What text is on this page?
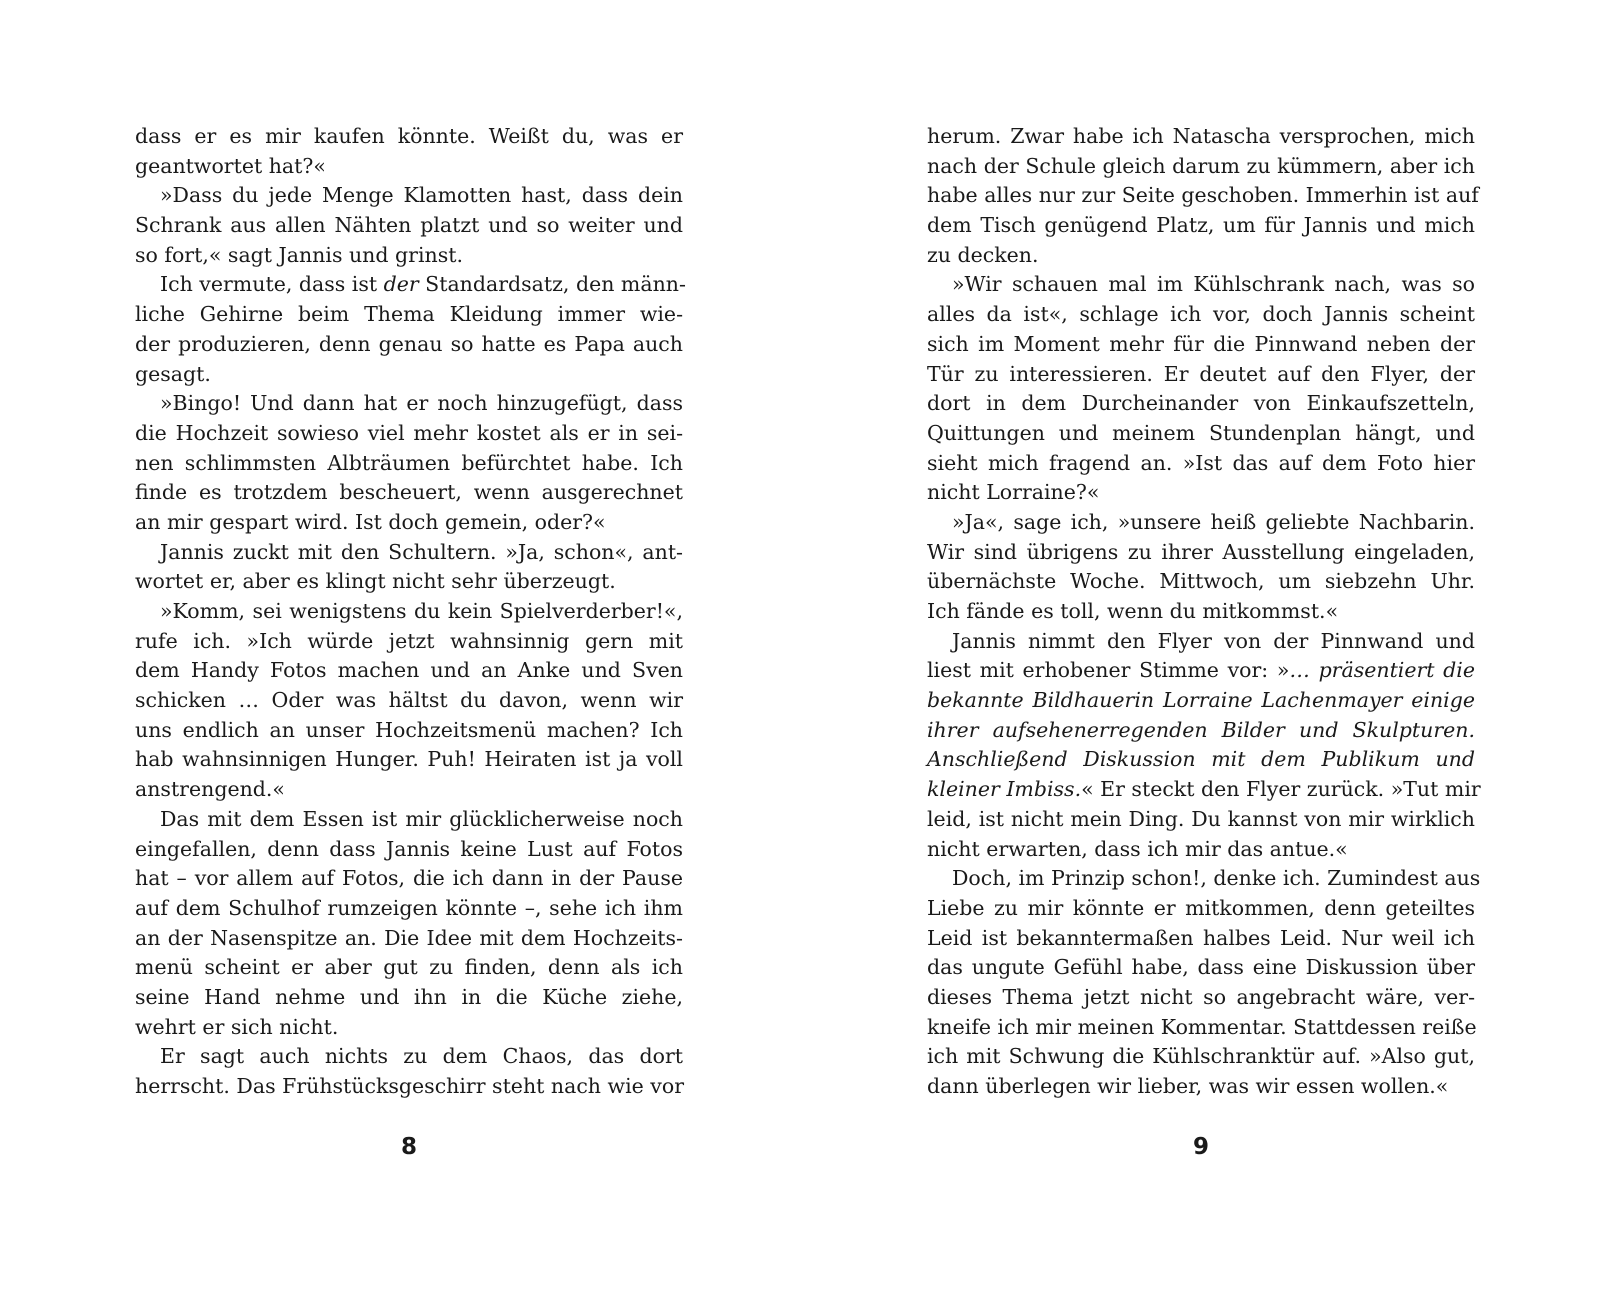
dass er es mir kaufen könnte. Weißt du, was er
geantwortet hat?«
»Dass du jede Menge Klamotten hast, dass dein
Schrank aus allen Nähten platzt und so weiter und
so fort,« sagt Jannis und grinst.
Ich vermute, dass ist der Standardsatz, den männ-
liche Gehirne beim Thema Kleidung immer wie-
der produzieren, denn genau so hatte es Papa auch
gesagt.
»Bingo! Und dann hat er noch hinzugefügt, dass
die Hochzeit sowieso viel mehr kostet als er in sei-
nen schlimmsten Albträumen befürchtet habe. Ich
finde es trotzdem bescheuert, wenn ausgerechnet
an mir gespart wird. Ist doch gemein, oder?«
Jannis zuckt mit den Schultern. »Ja, schon«, ant-
wortet er, aber es klingt nicht sehr überzeugt.
»Komm, sei wenigstens du kein Spielverderber!«,
rufe ich. »Ich würde jetzt wahnsinnig gern mit
dem Handy Fotos machen und an Anke und Sven
schicken … Oder was hältst du davon, wenn wir
uns endlich an unser Hochzeitsmenü machen? Ich
hab wahnsinnigen Hunger. Puh! Heiraten ist ja voll
anstrengend.«
Das mit dem Essen ist mir glücklicherweise noch
eingefallen, denn dass Jannis keine Lust auf Fotos
hat – vor allem auf Fotos, die ich dann in der Pause
auf dem Schulhof rumzeigen könnte –, sehe ich ihm
an der Nasenspitze an. Die Idee mit dem Hochzeits-
menü scheint er aber gut zu finden, denn als ich
seine Hand nehme und ihn in die Küche ziehe,
wehrt er sich nicht.
Er sagt auch nichts zu dem Chaos, das dort
herrscht. Das Frühstücksgeschirr steht nach wie vor
herum. Zwar habe ich Natascha versprochen, mich
nach der Schule gleich darum zu kümmern, aber ich
habe alles nur zur Seite geschoben. Immerhin ist auf
dem Tisch genügend Platz, um für Jannis und mich
zu decken.
»Wir schauen mal im Kühlschrank nach, was so
alles da ist«, schlage ich vor, doch Jannis scheint
sich im Moment mehr für die Pinnwand neben der
Tür zu interessieren. Er deutet auf den Flyer, der
dort in dem Durcheinander von Einkaufszetteln,
Quittungen und meinem Stundenplan hängt, und
sieht mich fragend an. »Ist das auf dem Foto hier
nicht Lorraine?«
»Ja«, sage ich, »unsere heiß geliebte Nachbarin.
Wir sind übrigens zu ihrer Ausstellung eingeladen,
übernächste Woche. Mittwoch, um siebzehn Uhr.
Ich fände es toll, wenn du mitkommst.«
Jannis nimmt den Flyer von der Pinnwand und
liest mit erhobener Stimme vor: »… präsentiert die
bekannte Bildhauerin Lorraine Lachenmayer einige
ihrer aufsehenerregenden Bilder und Skulpturen.
Anschließend Diskussion mit dem Publikum und
kleiner Imbiss.« Er steckt den Flyer zurück. »Tut mir
leid, ist nicht mein Ding. Du kannst von mir wirklich
nicht erwarten, dass ich mir das antue.«
Doch, im Prinzip schon!, denke ich. Zumindest aus
Liebe zu mir könnte er mitkommen, denn geteiltes
Leid ist bekanntermaßen halbes Leid. Nur weil ich
das ungute Gefühl habe, dass eine Diskussion über
dieses Thema jetzt nicht so angebracht wäre, ver-
kneife ich mir meinen Kommentar. Stattdessen reiße
ich mit Schwung die Kühlschranktür auf. »Also gut,
dann überlegen wir lieber, was wir essen wollen.«
8	9
